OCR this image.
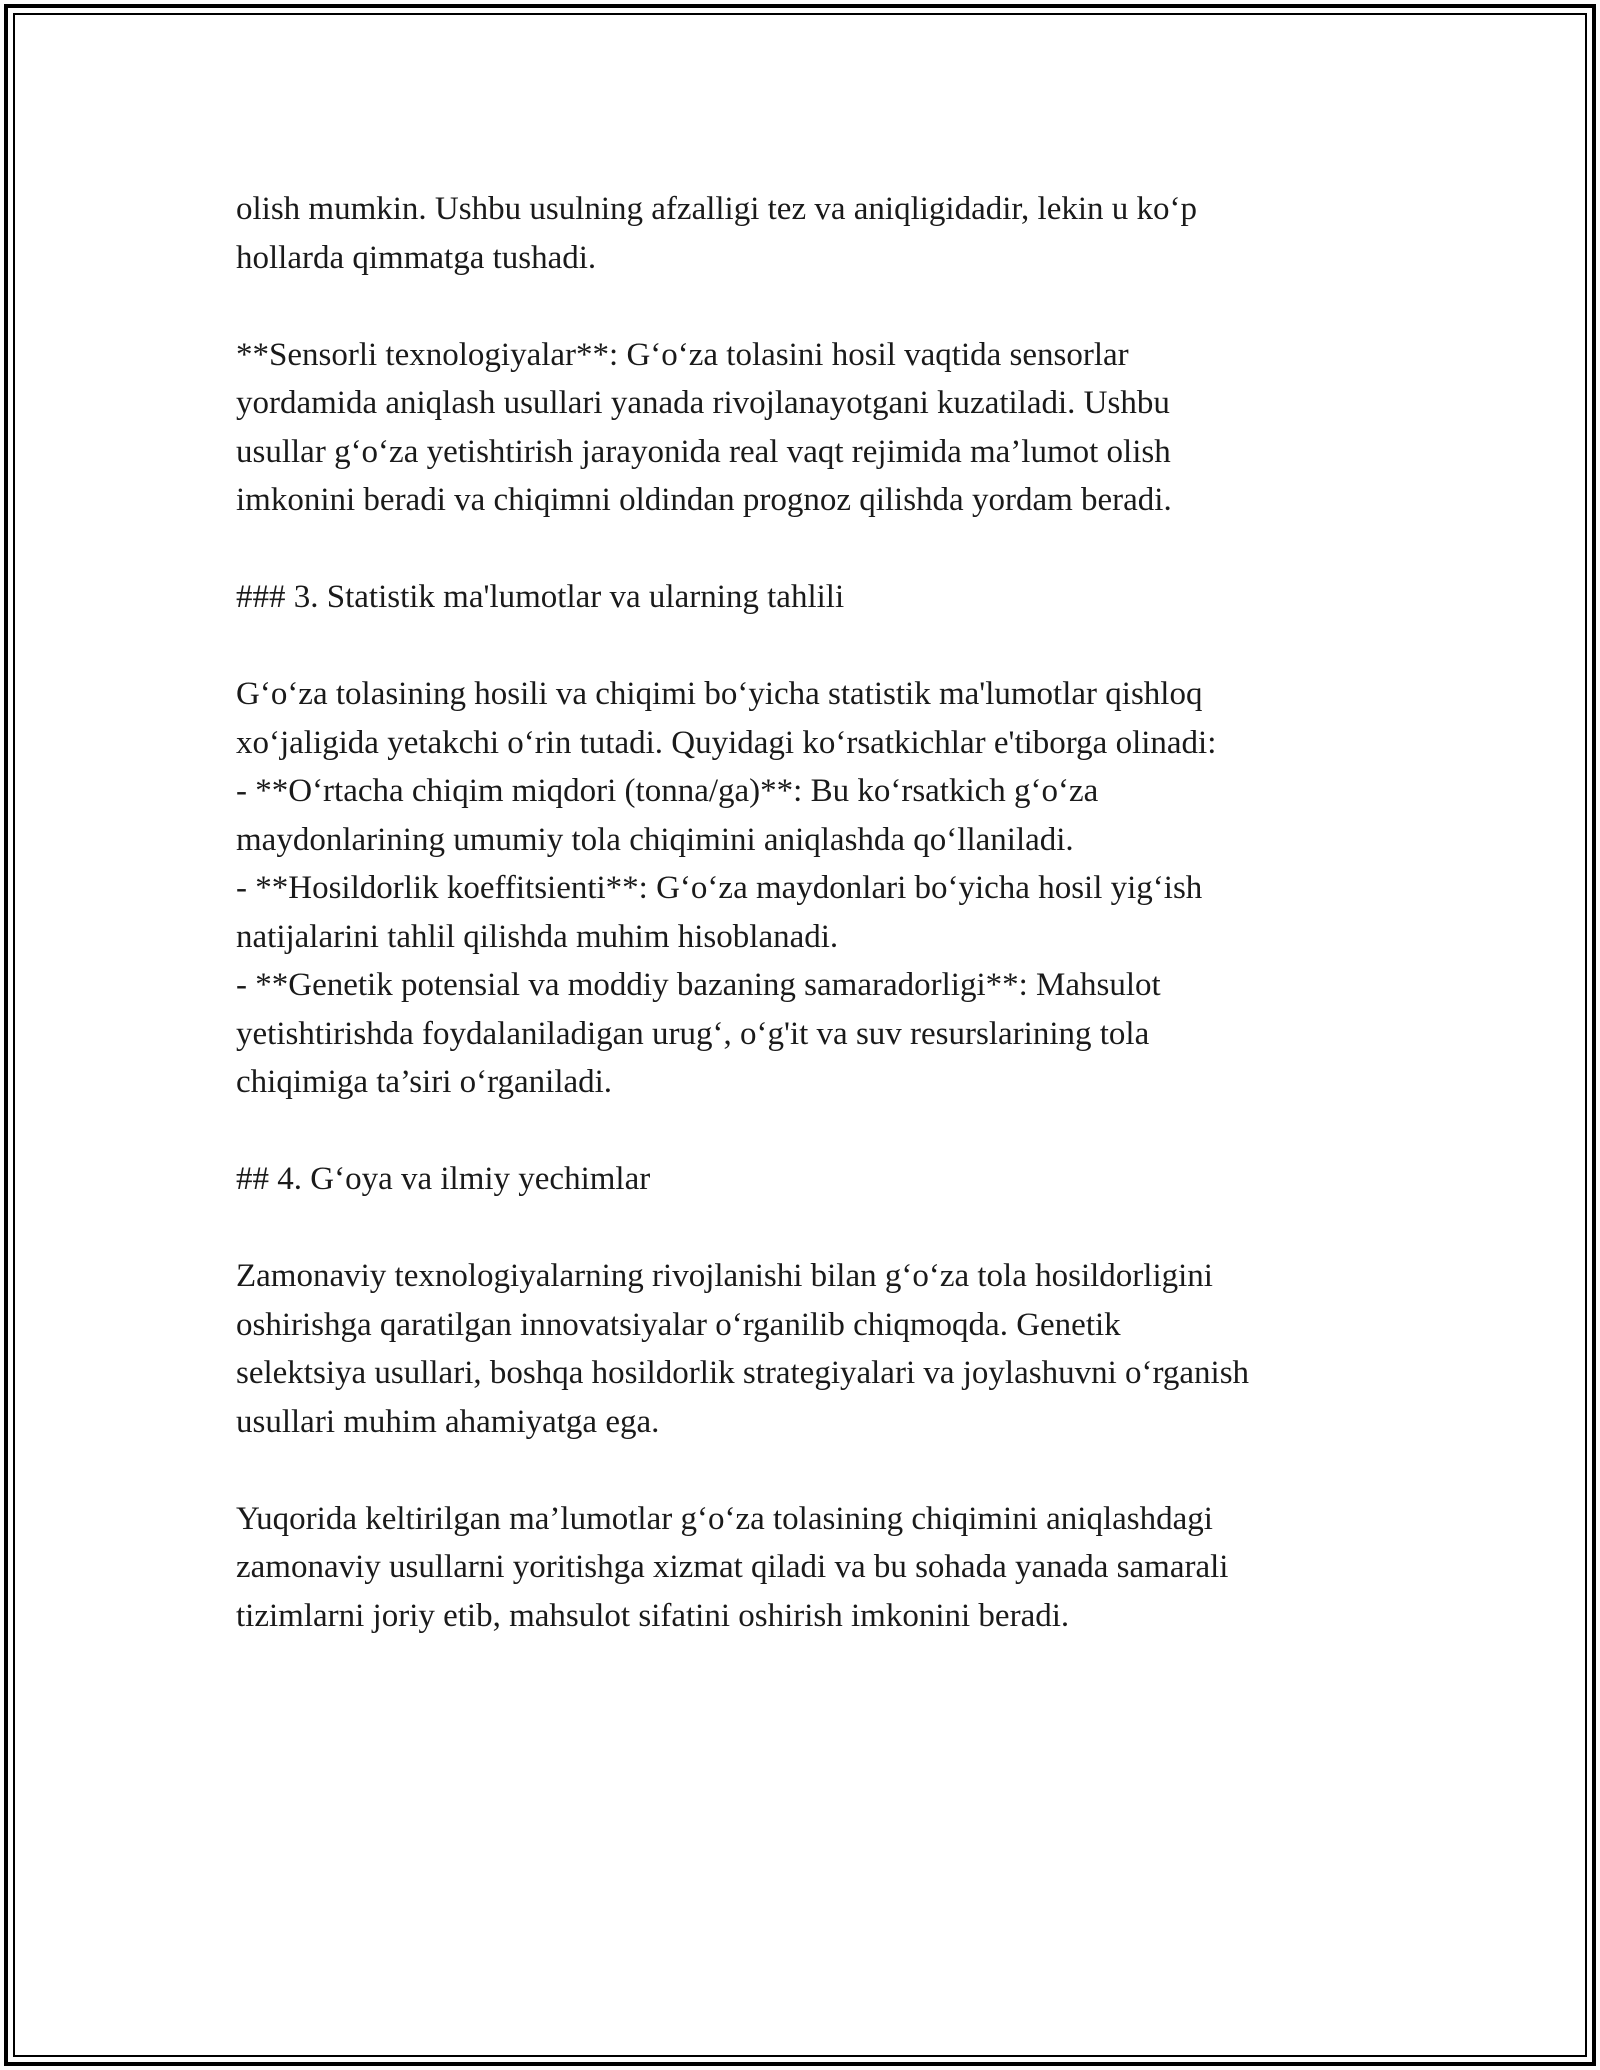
olish mumkin. Ushbu usulning afzalligi tez va aniqligidadir, lekin u ko‘p
hollarda qimmatga tushadi.

**Sensorli texnologiyalar**: G‘o‘za tolasini hosil vaqtida sensorlar
yordamida aniqlash usullari yanada rivojlanayotgani kuzatiladi. Ushbu
usullar g‘o‘za yetishtirish jarayonida real vaqt rejimida ma’lumot olish
imkonini beradi va chiqimni oldindan prognoz qilishda yordam beradi.

### 3. Statistik ma'lumotlar va ularning tahlili

G‘o‘za tolasining hosili va chiqimi bo‘yicha statistik ma'lumotlar qishloq
xo‘jaligida yetakchi o‘rin tutadi. Quyidagi ko‘rsatkichlar e'tiborga olinadi:
- **O‘rtacha chiqim miqdori (tonna/ga)**: Bu ko‘rsatkich g‘o‘za
maydonlarining umumiy tola chiqimini aniqlashda qo‘llaniladi.
- **Hosildorlik koeffitsienti**: G‘o‘za maydonlari bo‘yicha hosil yig‘ish
natijalarini tahlil qilishda muhim hisoblanadi.
- **Genetik potensial va moddiy bazaning samaradorligi**: Mahsulot
yetishtirishda foydalaniladigan urug‘, o‘g'it va suv resurslarining tola
chiqimiga ta’siri o‘rganiladi.

## 4. G‘oya va ilmiy yechimlar

Zamonaviy texnologiyalarning rivojlanishi bilan g‘o‘za tola hosildorligini
oshirishga qaratilgan innovatsiyalar o‘rganilib chiqmoqda. Genetik
selektsiya usullari, boshqa hosildorlik strategiyalari va joylashuvni o‘rganish
usullari muhim ahamiyatga ega.

Yuqorida keltirilgan ma’lumotlar g‘o‘za tolasining chiqimini aniqlashdagi
zamonaviy usullarni yoritishga xizmat qiladi va bu sohada yanada samarali
tizimlarni joriy etib, mahsulot sifatini oshirish imkonini beradi.
